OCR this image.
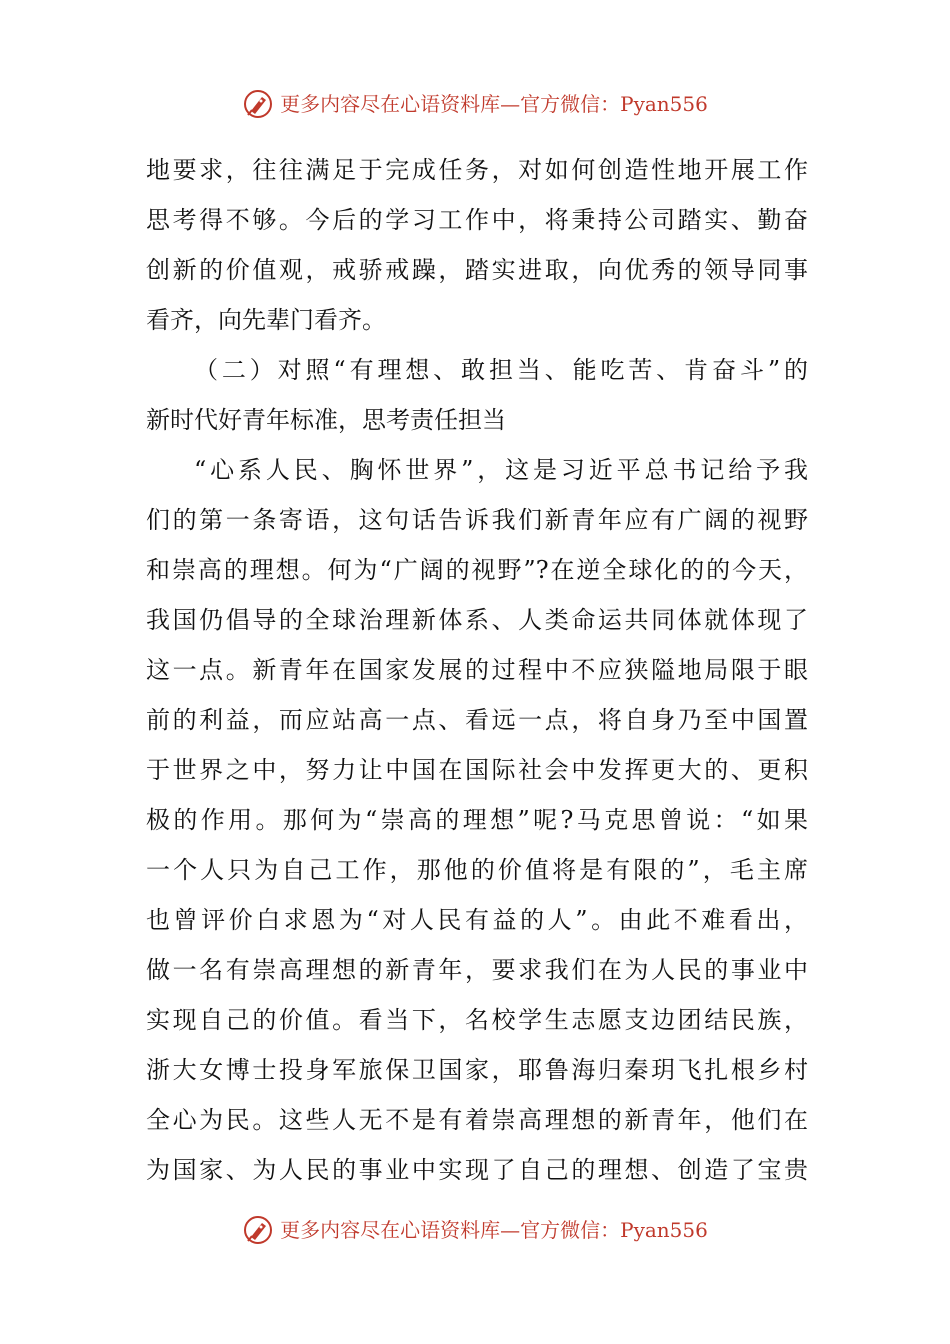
更多内容尽在心语资料库—官方微信：Pyan556
地要求，往往满足于完成任务，对如何创造性地开展工作
思考得不够。今后的学习工作中，将秉持公司踏实、勤奋
创新的价值观，戒骄戒躁，踏实进取，向优秀的领导同事
看齐，向先辈门看齐。
（二）对照“有理想、敢担当、能吃苦、肯奋斗”的
新时代好青年标准，思考责任担当
“心系人民、胸怀世界”，这是习近平总书记给予我
们的第一条寄语，这句话告诉我们新青年应有广阔的视野
和崇高的理想。何为“广阔的视野”?在逆全球化的的今天，
我国仍倡导的全球治理新体系、人类命运共同体就体现了
这一点。新青年在国家发展的过程中不应狭隘地局限于眼
前的利益，而应站高一点、看远一点，将自身乃至中国置
于世界之中，努力让中国在国际社会中发挥更大的、更积
极的作用。那何为“崇高的理想”呢?马克思曾说：“如果
一个人只为自己工作，那他的价值将是有限的”，毛主席
也曾评价白求恩为“对人民有益的人”。由此不难看出，
做一名有崇高理想的新青年，要求我们在为人民的事业中
实现自己的价值。看当下，名校学生志愿支边团结民族，
浙大女博士投身军旅保卫国家，耶鲁海归秦玥飞扎根乡村
全心为民。这些人无不是有着崇高理想的新青年，他们在
为国家、为人民的事业中实现了自己的理想、创造了宝贵
更多内容尽在心语资料库—官方微信：Pyan556
